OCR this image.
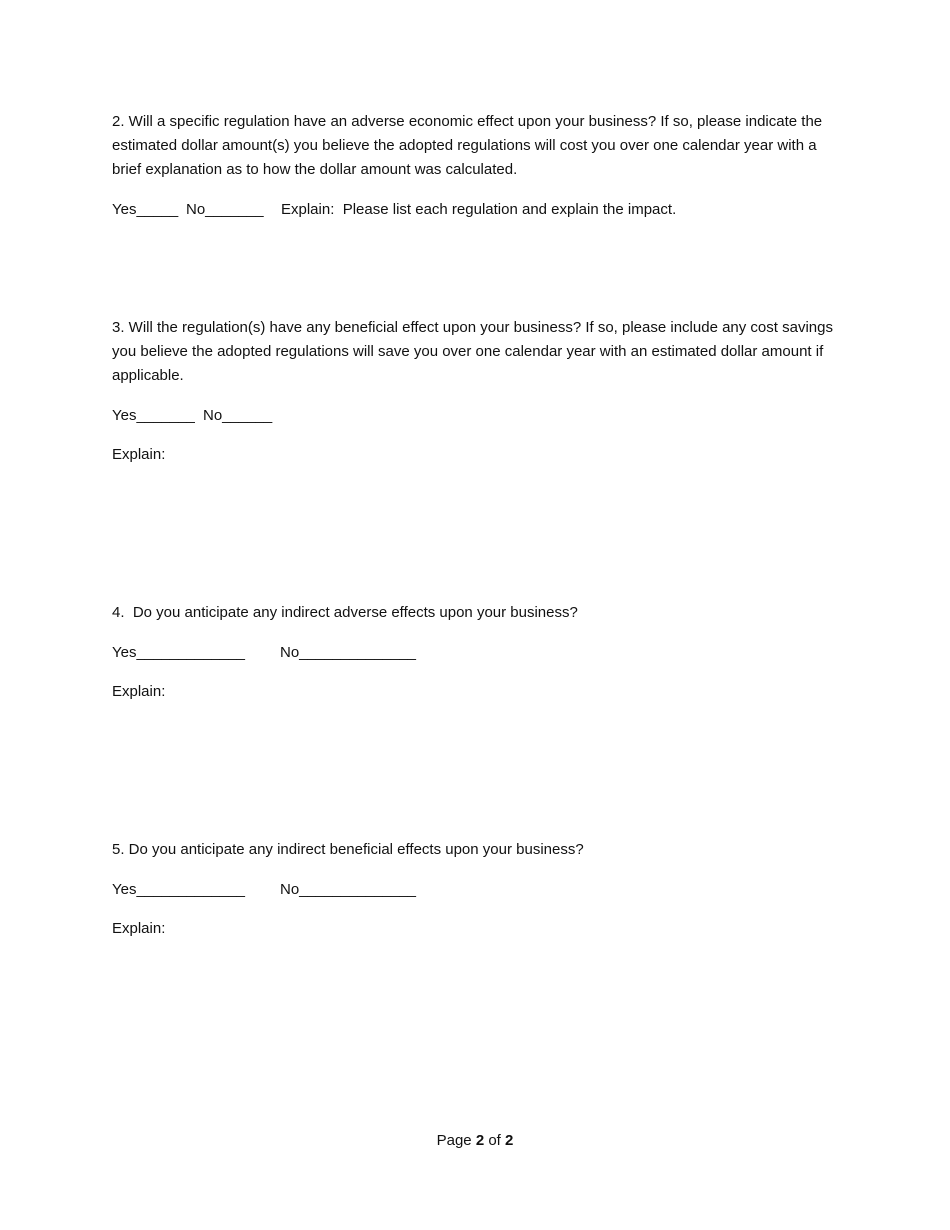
2. Will a specific regulation have an adverse economic effect upon your business? If so, please indicate the estimated dollar amount(s) you believe the adopted regulations will cost you over one calendar year with a brief explanation as to how the dollar amount was calculated.

Yes_____ No_______ Explain:  Please list each regulation and explain the impact.

3. Will the regulation(s) have any beneficial effect upon your business? If so, please include any cost savings you believe the adopted regulations will save you over one calendar year with an estimated dollar amount if applicable.

Yes_______ No______
Explain:
4.  Do you anticipate any indirect adverse effects upon your business?
Yes_____________ No______________
Explain:
5. Do you anticipate any indirect beneficial effects upon your business?
Yes_____________ No______________
Explain:
Page 2 of 2
